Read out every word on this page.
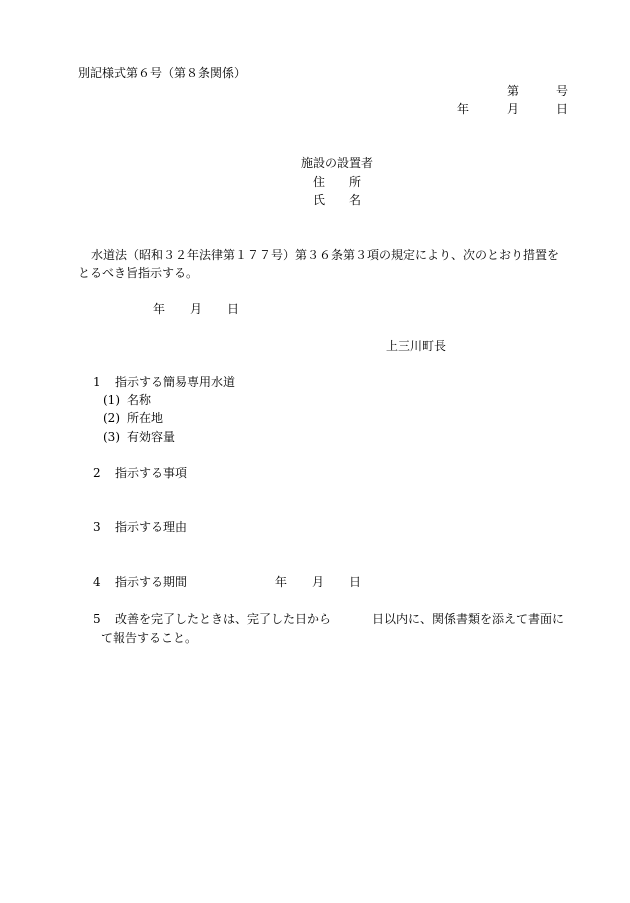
別記様式第６号（第８条関係）
第	号
年	月	日
施設の設置者
住　　所
氏　　名
水道法（昭和３２年法律第１７７号）第３６条第３項の規定により、次のとおり措置を
とるべき旨指示する。
年 月 日
上三川町長
1 指示する簡易専用水道
(1) 名称
(2) 所在地
(3) 有効容量
2 指示する事項
3 指示する理由
4 指示する期間	年 月 日
5 改善を完了したときは、完了した日から	日以内に、関係書類を添えて書面に
て報告すること。
